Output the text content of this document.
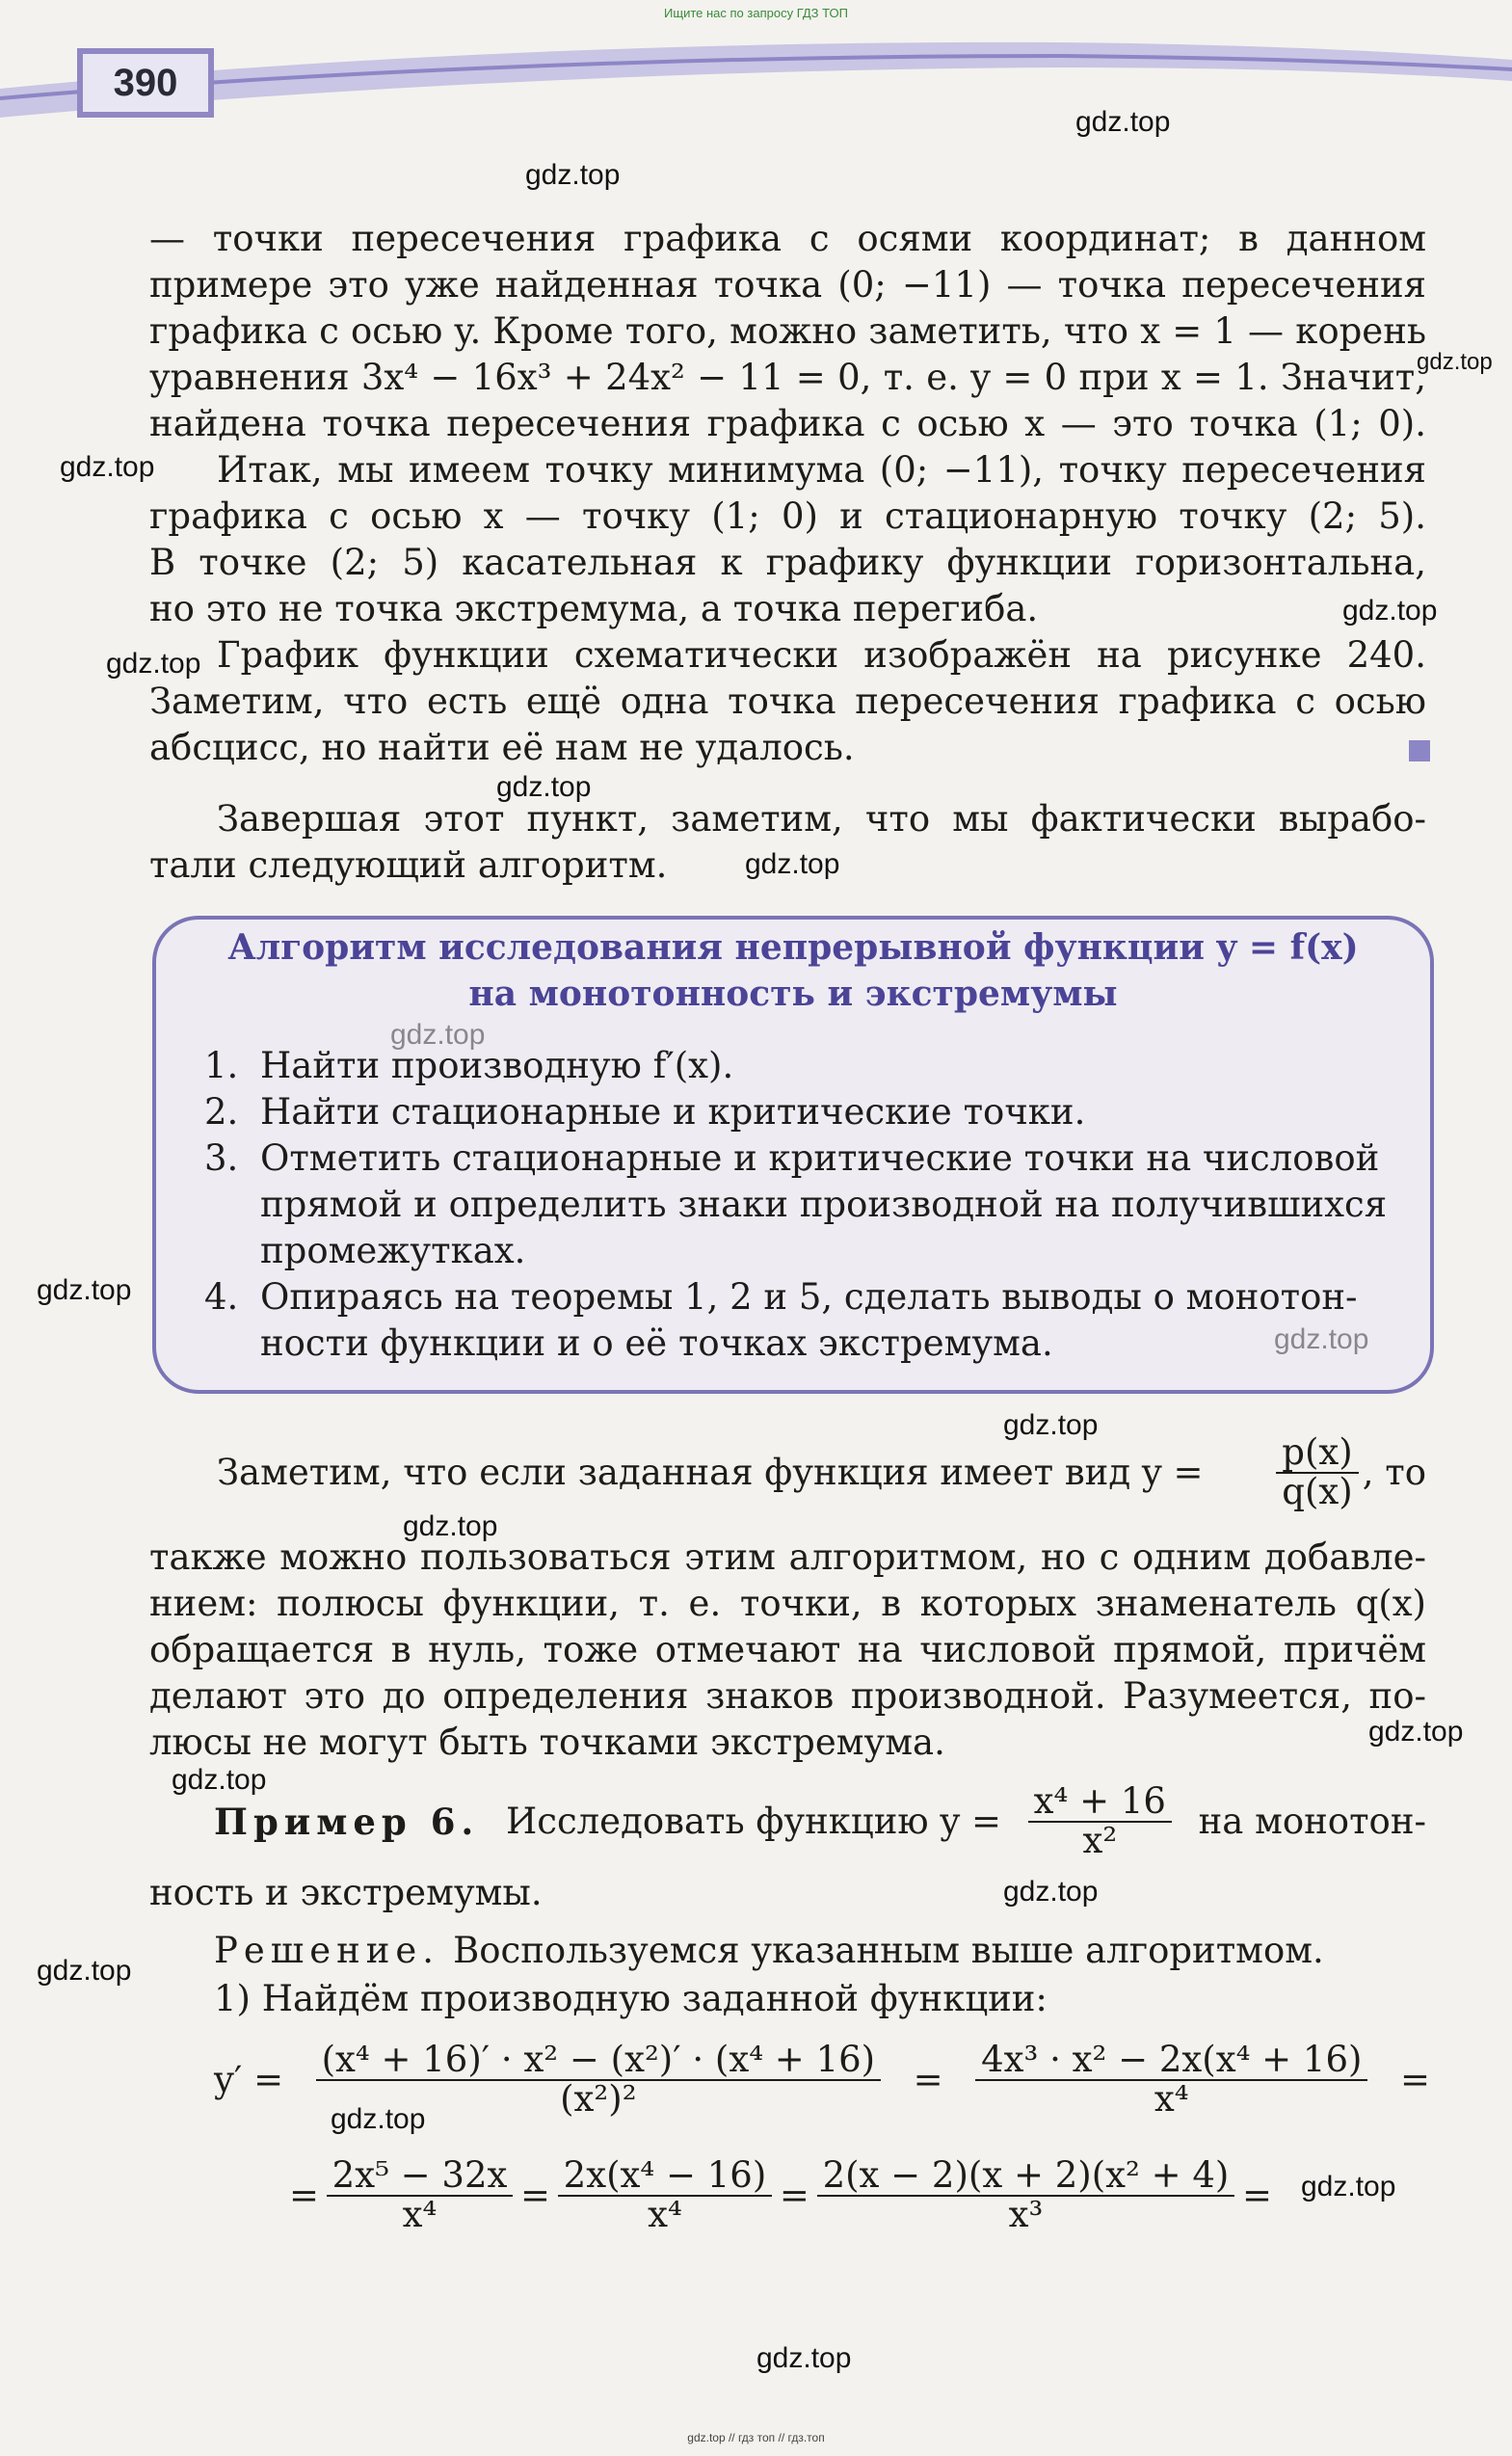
Ищите нас по запросу ГДЗ ТОП
390
gdz.top
gdz.top
gdz.top
gdz.top
gdz.top
gdz.top
gdz.top
gdz.top
gdz.top
gdz.top
gdz.top
gdz.top
gdz.top
gdz.top
gdz.top
gdz.top
gdz.top
gdz.top
— точки пересечения графика с осями координат; в данном
примере это уже найденная точка (0; −11) — точка пересечения
графика с осью y. Кроме того, можно заметить, что x = 1 — корень
уравнения 3x⁴ − 16x³ + 24x² − 11 = 0, т. е. y = 0 при x = 1. Значит,
найдена точка пересечения графика с осью x — это точка (1; 0).
Итак, мы имеем точку минимума (0; −11), точку пересечения
графика с осью x — точку (1; 0) и стационарную точку (2; 5).
В точке (2; 5) касательная к графику функции горизонтальна,
но это не точка экстремума, а точка перегиба.
График функции схематически изображён на рисунке 240.
Заметим, что есть ещё одна точка пересечения графика с осью
абсцисс, но найти её нам не удалось.
Завершая этот пункт, заметим, что мы фактически вырабо-
тали следующий алгоритм.
Алгоритм исследования непрерывной функции y = f(x)
на монотонность и экстремумы
1. Найти производную f′(x).
2. Найти стационарные и критические точки.
3. Отметить стационарные и критические точки на числовой
прямой и определить знаки производной на получившихся
промежутках.
4. Опираясь на теоремы 1, 2 и 5, сделать выводы о монотон-
ности функции и о её точках экстремума.
Заметим, что если заданная функция имеет вид $y = \frac{p(x)}{q(x)}$ , то
также можно пользоваться этим алгоритмом, но с одним добавле-
нием: полюсы функции, т. е. точки, в которых знаменатель q(x)
обращается в нуль, тоже отмечают на числовой прямой, причём
делают это до определения знаков производной. Разумеется, по-
люсы не могут быть точками экстремума.
Пример 6. Исследовать функцию $y = \frac{\text{x⁴ + 16}}{\text{x²}}$ на монотон-
ность и экстремумы.
Решение. Воспользуемся указанным выше алгоритмом.
1) Найдём производную заданной функции:
$y' = \frac{\text{(x⁴ + 16)′ · x² − (x²)′ · (x⁴ + 16)}}{\text{(x²)²}} = \frac{\text{4x³ · x² − 2x(x⁴ + 16)}}{\text{x⁴}}$ =
= $\frac{\text{2x⁵ − 32x}}{\text{x⁴}} = \frac{\text{2x(x⁴ − 16)}}{\text{x⁴}} = \frac{\text{2(x − 2)(x + 2)(x² + 4)}}{\text{x³}}$ =
gdz.top // гдз топ // гдз.топ
